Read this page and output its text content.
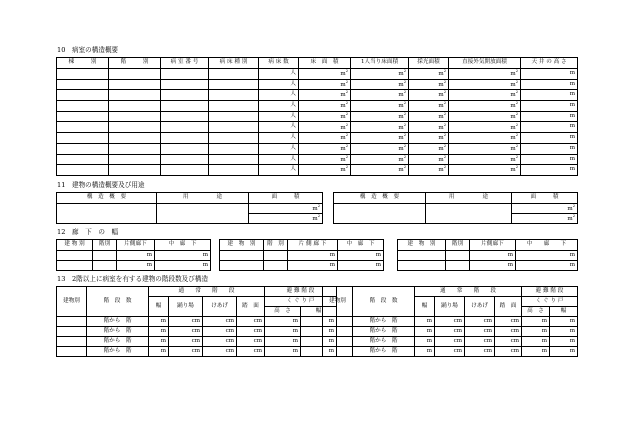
10　病室の構造概要
棟　　　別	階　　　別	病 室 番 号	病 床 種 別	病 床 数	床　面　積	1人当り床面積	採光面積	直接外気開放面積	天 井 の 高 さ
				人	$m^2$	$m^2$	$m^2$	$m^2$	m
				人	$m^2$	$m^2$	$m^2$	$m^2$	m
				人	$m^2$	$m^2$	$m^2$	$m^2$	m
				人	$m^2$	$m^2$	$m^2$	$m^2$	m
				人	$m^2$	$m^2$	$m^2$	$m^2$	m
				人	$m^2$	$m^2$	$m^2$	$m^2$	m
				人	$m^2$	$m^2$	$m^2$	$m^2$	m
				人	$m^2$	$m^2$	$m^2$	$m^2$	m
				人	$m^2$	$m^2$	$m^2$	$m^2$	m
				人	$m^2$	$m^2$	$m^2$	$m^2$	m
11　建物の構造概要及び用途
構　造　概　要	用　　　　　途	面　　　積
		$m^2$
		$m^2$
構　造　概　要	用　　　　　途	面　　　積
		$m^2$
		$m^2$
12　廊　下　の　幅
建 物 別	階別	片側廊下	中　廊　下
		m	m
		m	m
建　物　別	階　別	片 側 廊 下	中　廊　下
		m	m
		m	m
建　物　別	階別	片側廊下	中　　廊　　下
		m	m
		m	m
13　2階以上に病室を有する建物の階段数及び構造
建物別	階　段　数	通　　常　　階　　段				避 難 階 段	
		幅	踊り場	けあげ	踏　面	く ぐ り 戸	
						高　さ	幅
	階から　階	m	cm	cm	cm	m	m
	階から　階	m	cm	cm	cm	m	m
	階から　階	m	cm	cm	cm	m	m
	階から　階	m	cm	cm	cm	m	m
建物別	階　段　数	通　　常　　階　　段				避 難 階 段	
		幅	踊り場	けあげ	踏　面	く ぐ り 戸	
						高　さ	幅
	階から　階	m	cm	cm	cm	m	m
	階から　階	m	cm	cm	cm	m	m
	階から　階	m	cm	cm	cm	m	m
	階から　階	m	cm	cm	cm	m	m
